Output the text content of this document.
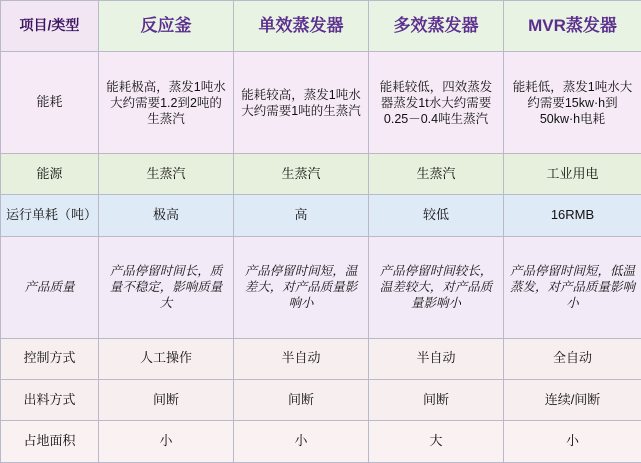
项目/类型	反应釜	单效蒸发器	多效蒸发器	MVR蒸发器
能耗	能耗极高，蒸发1吨水大约需要1.2到2吨的生蒸汽	能耗较高，蒸发1吨水大约需要1吨的生蒸汽	能耗较低，四效蒸发器蒸发1t水大约需要0.25－0.4吨生蒸汽	能耗低，蒸发1吨水大约需要15kw·h到50kw·h电耗
能源	生蒸汽	生蒸汽	生蒸汽	工业用电
运行单耗（吨）	极高	高	较低	16RMB
产品质量	产品停留时间长，质量不稳定，影响质量大	产品停留时间短，温差大，对产品质量影响小	产品停留时间较长，温差较大，对产品质量影响小	产品停留时间短，低温蒸发，对产品质量影响小
控制方式	人工操作	半自动	半自动	全自动
出料方式	间断	间断	间断	连续/间断
占地面积	小	小	大	小
